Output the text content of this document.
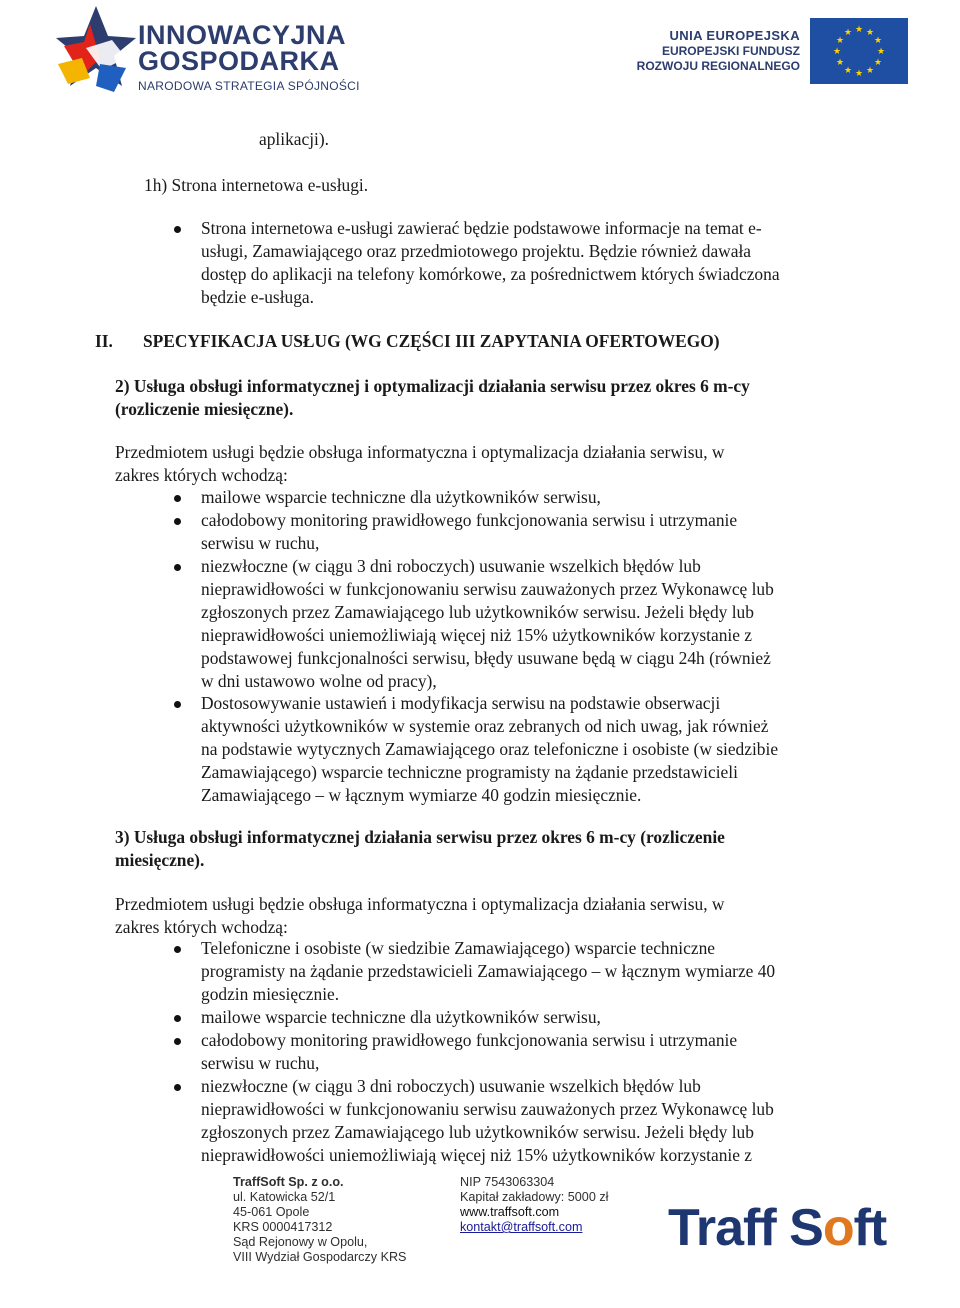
INNOWACYJNA
GOSPODARKA
NARODOWA STRATEGIA SPÓJNOŚCI
UNIA EUROPEJSKA
EUROPEJSKI FUNDUSZ
ROZWOJU REGIONALNEGO
★ ★
★
★
★
★
★
★
★
★
★
★
aplikacji).
1h) Strona internetowa e-usługi.
Strona internetowa e-usługi zawierać będzie podstawowe informacje na temat e-
usługi, Zamawiającego oraz przedmiotowego projektu. Będzie również dawała
dostęp do aplikacji na telefony komórkowe, za pośrednictwem których świadczona
będzie e-usługa.
II. SPECYFIKACJA USŁUG (WG CZĘŚCI III ZAPYTANIA OFERTOWEGO)
2) Usługa obsługi informatycznej i optymalizacji działania serwisu przez okres 6 m-cy
(rozliczenie miesięczne).
Przedmiotem usługi będzie obsługa informatyczna i optymalizacja działania serwisu, w
zakres których wchodzą:
mailowe wsparcie techniczne dla użytkowników serwisu,
całodobowy monitoring prawidłowego funkcjonowania serwisu i utrzymanie
serwisu w ruchu,
niezwłoczne (w ciągu 3 dni roboczych) usuwanie wszelkich błędów lub
nieprawidłowości w funkcjonowaniu serwisu zauważonych przez Wykonawcę lub
zgłoszonych przez Zamawiającego lub użytkowników serwisu. Jeżeli błędy lub
nieprawidłowości uniemożliwiają więcej niż 15% użytkowników korzystanie z
podstawowej funkcjonalności serwisu, błędy usuwane będą w ciągu 24h (również
w dni ustawowo wolne od pracy),
Dostosowywanie ustawień i modyfikacja serwisu na podstawie obserwacji
aktywności użytkowników w systemie oraz zebranych od nich uwag, jak również
na podstawie wytycznych Zamawiającego oraz telefoniczne i osobiste (w siedzibie
Zamawiającego) wsparcie techniczne programisty na żądanie przedstawicieli
Zamawiającego – w łącznym wymiarze 40 godzin miesięcznie.
3) Usługa obsługi informatycznej działania serwisu przez okres 6 m-cy (rozliczenie
miesięczne).
Przedmiotem usługi będzie obsługa informatyczna i optymalizacja działania serwisu, w
zakres których wchodzą:
Telefoniczne i osobiste (w siedzibie Zamawiającego) wsparcie techniczne
programisty na żądanie przedstawicieli Zamawiającego – w łącznym wymiarze 40
godzin miesięcznie.
mailowe wsparcie techniczne dla użytkowników serwisu,
całodobowy monitoring prawidłowego funkcjonowania serwisu i utrzymanie
serwisu w ruchu,
niezwłoczne (w ciągu 3 dni roboczych) usuwanie wszelkich błędów lub
nieprawidłowości w funkcjonowaniu serwisu zauważonych przez Wykonawcę lub
zgłoszonych przez Zamawiającego lub użytkowników serwisu. Jeżeli błędy lub
nieprawidłowości uniemożliwiają więcej niż 15% użytkowników korzystanie z
TraffSoft Sp. z o.o.
ul. Katowicka 52/1
45-061 Opole
KRS 0000417312
Sąd Rejonowy w Opolu,
VIII Wydział Gospodarczy KRS
NIP 7543063304
Kapitał zakładowy: 5000 zł
www.traffsoft.com
kontakt@traffsoft.com	Traff Soft
